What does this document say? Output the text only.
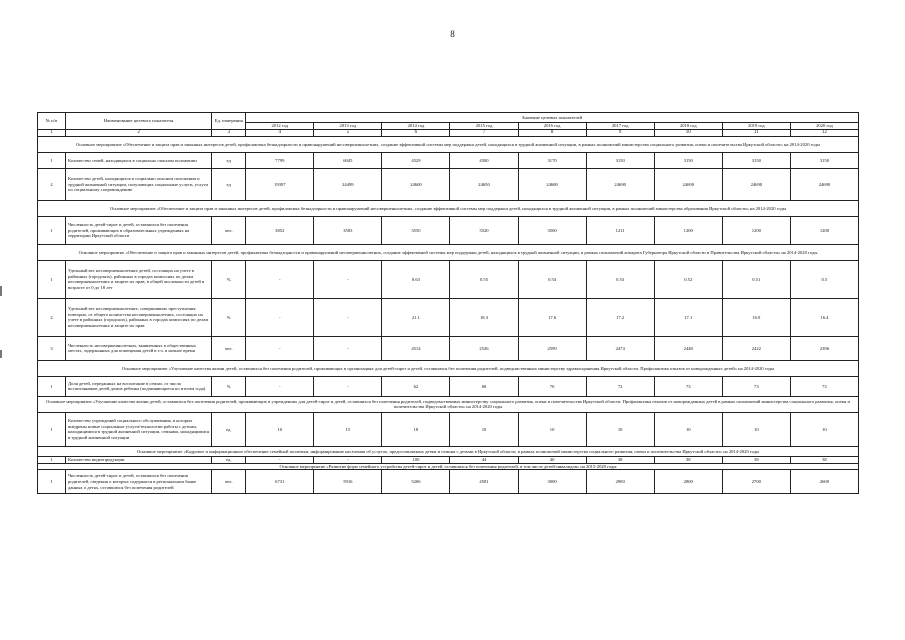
8
№ п/п	Наименование целевого показателя	Ед. измерения	Значение целевых показателей								
			2012 год	2013 год	2014 год	2015 год	2016 год	2017 год	2018 год	2019 год	2020 год
1	2	3	4	5	6	7	8	9	10	11	12
Основное мероприятие «Обеспечение и защита прав и законных интересов детей, профилактика безнадзорности и правонарушений несовершеннолетних, создание эффективной системы мер поддержки детей, находящихся в трудной жизненной ситуации, в рамках полномочий министерства социального развития, опеки и попечительства Иркутской области» на 2014-2020 годы											
1	Количество семей, находящихся в социально опасном положении	ед	7799	6045	4529	4500	3170	3150	3150	3150	3150
2	Количество детей, находящихся в социально опасном положении и трудной жизненной ситуации, получающих социальные услуги, услуги по социальному сопровождению	ед	19397	24499	24600	24650	24680	24690	24690	24690	24690
Основное мероприятие «Обеспечение и защита прав и законных интересов детей, профилактика безнадзорности и правонарушений несовершеннолетних, создание эффективной системы мер поддержки детей, находящихся в трудной жизненной ситуации, в рамках полномочий министерства образования Иркутской области» на 2014-2020 годы											
1	Численность детей-сирот и детей, оставшихся без попечения родителей, проживающих в образовательных учреждениях на территории Иркутской области	чел.	3852	3583	3550	3520	3500	1211	1200	1200	1200
Основное мероприятие «Обеспечение и защита прав и законных интересов детей, профилактика безнадзорности и правонарушений несовершеннолетних, создание эффективной системы мер поддержки детей, находящихся в трудной жизненной ситуации, в рамках полномочий аппарата Губернатора Иркутской области и Правительства Иркутской области» на 2014-2020 годы											
1	Удельный вес несовершеннолетних детей, состоящих на учете в районных (городских), районных в городах комиссиях по делам несовершеннолетних и защите их прав, в общей численности детей в возрасте от 0 до 18 лет	%	-	-	0.63	0.55	0.54	0.53	0.52	0.51	0.5
2	Удельный вес несовершеннолетних, совершивших преступления повторно, от общего количества несовершеннолетних, состоящих на учете в районных (городских), районных в городах комиссиях по делам несовершеннолетних и защите их прав	%	-	-	21.1	18.3	17.6	17.2	17.1	16.9	16.4
3	Численность несовершеннолетних, выявленных в общественных местах, задержанных для помещения детей в т.ч. в ночное время	чел.	-	-	4514	2526	2599	2474	2448	2422	2396
Основное мероприятие «Улучшение качества жизни детей, оставшихся без попечения родителей, проживающих в организациях для детей-сирот и детей, оставшихся без попечения родителей, подведомственных министерству здравоохранения Иркутской области. Профилактика отказов от новорожденных детей» на 2014-2020 годы											
1	Доля детей, переданных на воспитание в семью, от числа воспитанников детей домов ребенка (подчиняющиеся по итогам года)	%	-	-	62	68	70	72	73	73	73
Основное мероприятие «Улучшение качества жизни детей, оставшихся без попечения родителей, проживающих в учреждениях для детей-сирот и детей, оставшихся без попечения родителей, подведомственных министерству социального развития, опеки и попечительства Иркутской области. Профилактика отказов от новорожденных детей в рамках полномочий министерства социального развития, опеки и попечительства Иркутской области» на 2014-2020 годы											
1	Количество учреждений социального обслуживания, в которых внедрены новые социальные услуги/технологии работы с детьми, находящимися в трудной жизненной ситуации, семьями, находящимися в трудной жизненной ситуации	ед.	10	15	18	10	10	10	10	10	10
Основное мероприятие «Кадровое и информационное обеспечение семейной политики, информирование населения об услугах, предоставляемых детям и семьям с детьми в Иркутской области, в рамках полномочий министерства социального развития, опеки и попечительства Иркутской области» на 2014-2020 годы											
1	Количество видеопродукции	ед.	-	-	100	44	40	38	38	38	38
Основное мероприятие «Развитие форм семейного устройства детей-сирот и детей, оставшихся без попечения родителей, в том числе детей-инвалидов» на 2015-2020 годы											
1	Численность детей-сирот и детей, оставшихся без попечения родителей, сведения о которых содержатся в региональном банке данных о детях, оставшихся без попечения родителей	чел.	6731	5916	5206	4581	3000	2900	2800	2700	2600
